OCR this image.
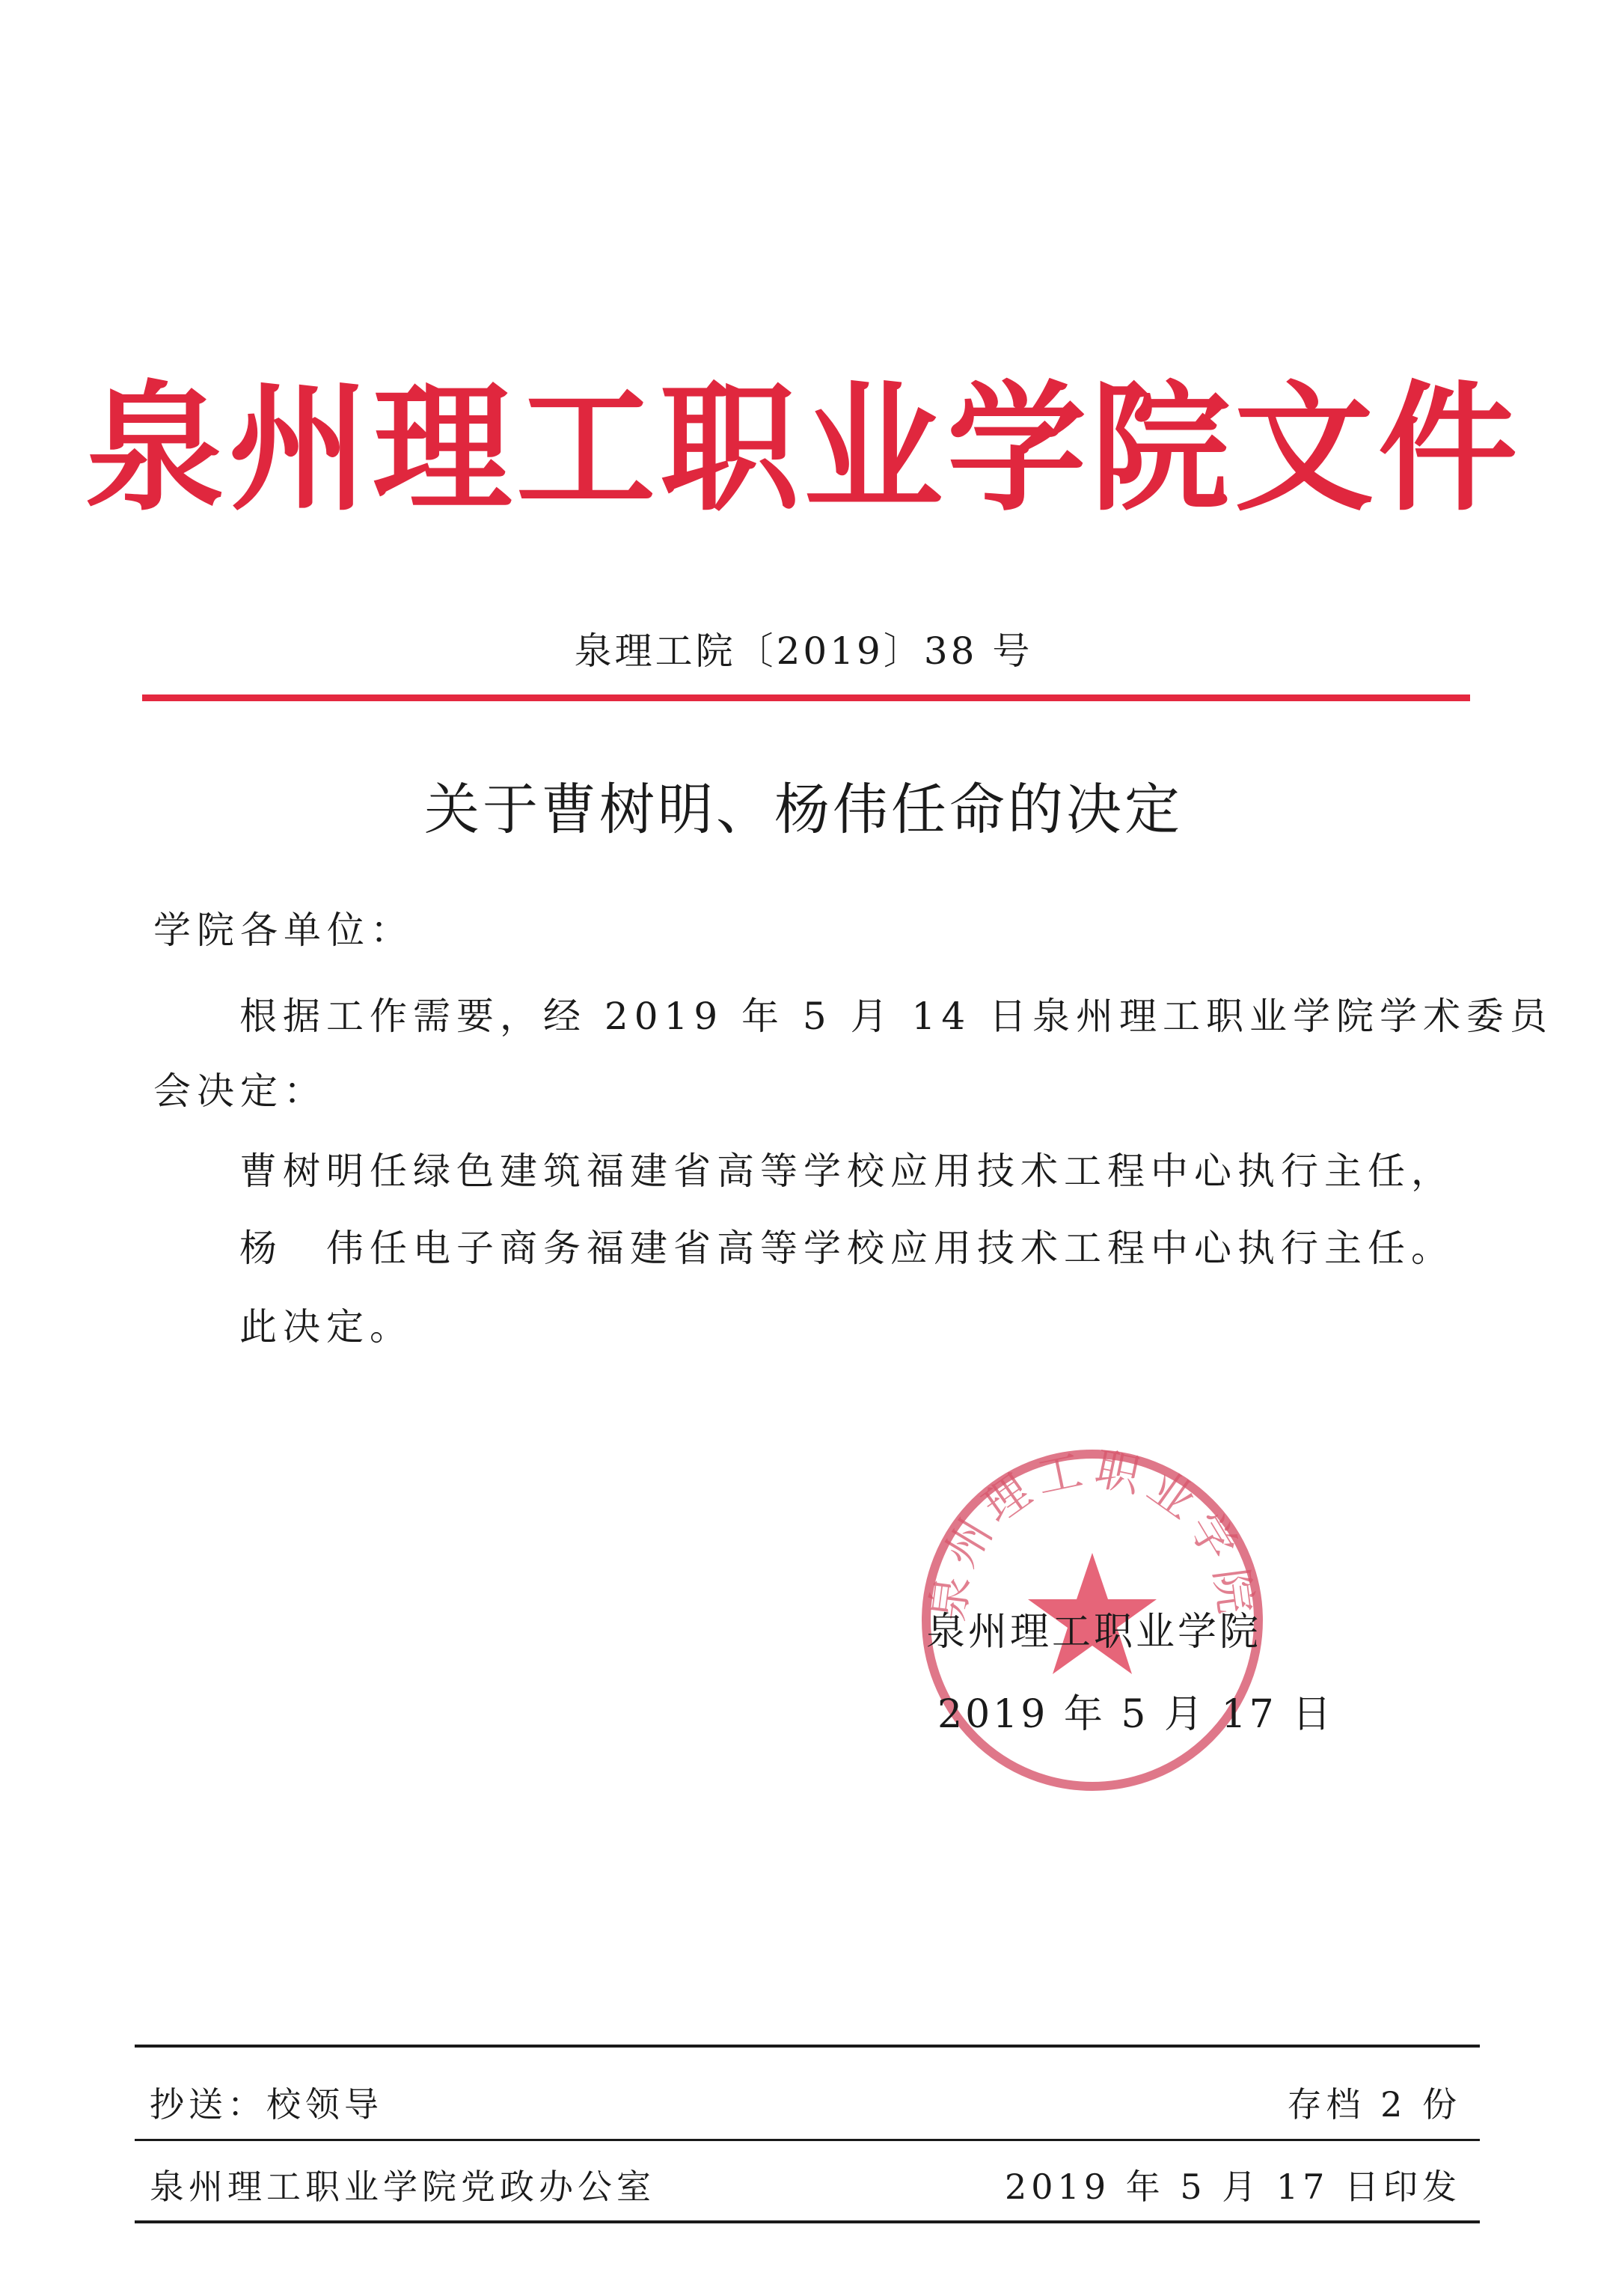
泉州理工职业学院文件
泉理工院〔2019〕38 号
关于曹树明、杨伟任命的决定
学院各单位：
根据工作需要，经 2019 年 5 月 14 日泉州理工职业学院学术委员
会决定：
曹树明任绿色建筑福建省高等学校应用技术工程中心执行主任，
杨　伟任电子商务福建省高等学校应用技术工程中心执行主任。
此决定。
泉州理工职业学院
泉州理工职业学院
2019 年 5 月 17 日
抄送：校领导	存档 2 份
泉州理工职业学院党政办公室	2019 年 5 月 17 日印发
